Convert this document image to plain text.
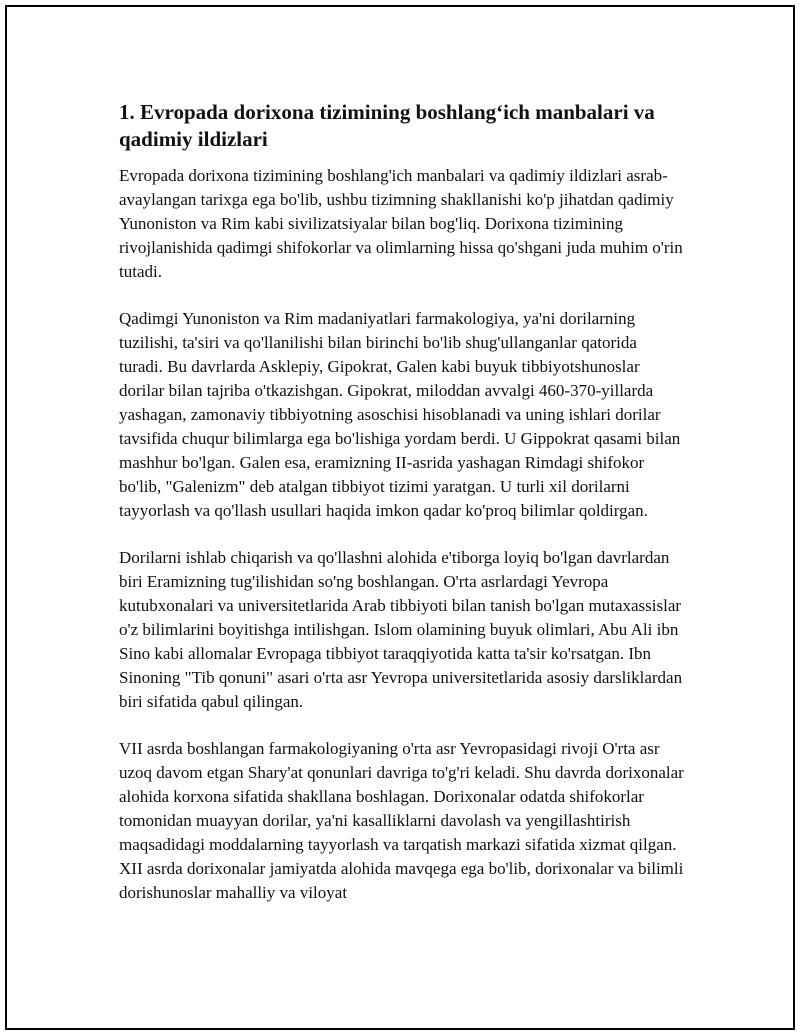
1. Evropada dorixona tizimining boshlang‘ich manbalari va qadimiy ildizlari

Evropada dorixona tizimining boshlang'ich manbalari va qadimiy ildizlari asrab-avaylangan tarixga ega bo'lib, ushbu tizimning shakllanishi ko'p jihatdan qadimiy Yunoniston va Rim kabi sivilizatsiyalar bilan bog'liq. Dorixona tizimining rivojlanishida qadimgi shifokorlar va olimlarning hissa qo'shgani juda muhim o'rin tutadi.

Qadimgi Yunoniston va Rim madaniyatlari farmakologiya, ya'ni dorilarning tuzilishi, ta'siri va qo'llanilishi bilan birinchi bo'lib shug'ullanganlar qatorida turadi. Bu davrlarda Asklepiy, Gipokrat, Galen kabi buyuk tibbiyotshunoslar dorilar bilan tajriba o'tkazishgan. Gipokrat, miloddan avvalgi 460-370-yillarda yashagan, zamonaviy tibbiyotning asoschisi hisoblanadi va uning ishlari dorilar tavsifida chuqur bilimlarga ega bo'lishiga yordam berdi. U Gippokrat qasami bilan mashhur bo'lgan. Galen esa, eramizning II-asrida yashagan Rimdagi shifokor bo'lib, "Galenizm" deb atalgan tibbiyot tizimi yaratgan. U turli xil dorilarni tayyorlash va qo'llash usullari haqida imkon qadar ko'proq bilimlar qoldirgan.

Dorilarni ishlab chiqarish va qo'llashni alohida e'tiborga loyiq bo'lgan davrlardan biri Eramizning tug'ilishidan so'ng boshlangan. O'rta asrlardagi Yevropa kutubxonalari va universitetlarida Arab tibbiyoti bilan tanish bo'lgan mutaxassislar o'z bilimlarini boyitishga intilishgan. Islom olamining buyuk olimlari, Abu Ali ibn Sino kabi allomalar Evropaga tibbiyot taraqqiyotida katta ta'sir ko'rsatgan. Ibn Sinoning "Tib qonuni" asari o'rta asr Yevropa universitetlarida asosiy darsliklardan biri sifatida qabul qilingan.

VII asrda boshlangan farmakologiyaning o'rta asr Yevropasidagi rivoji O'rta asr uzoq davom etgan Shary'at qonunlari davriga to'g'ri keladi. Shu davrda dorixonalar alohida korxona sifatida shakllana boshlagan. Dorixonalar odatda shifokorlar tomonidan muayyan dorilar, ya'ni kasalliklarni davolash va yengillashtirish maqsadidagi moddalarning tayyorlash va tarqatish markazi sifatida xizmat qilgan. XII asrda dorixonalar jamiyatda alohida mavqega ega bo'lib, dorixonalar va bilimli dorishunoslar mahalliy va viloyat
